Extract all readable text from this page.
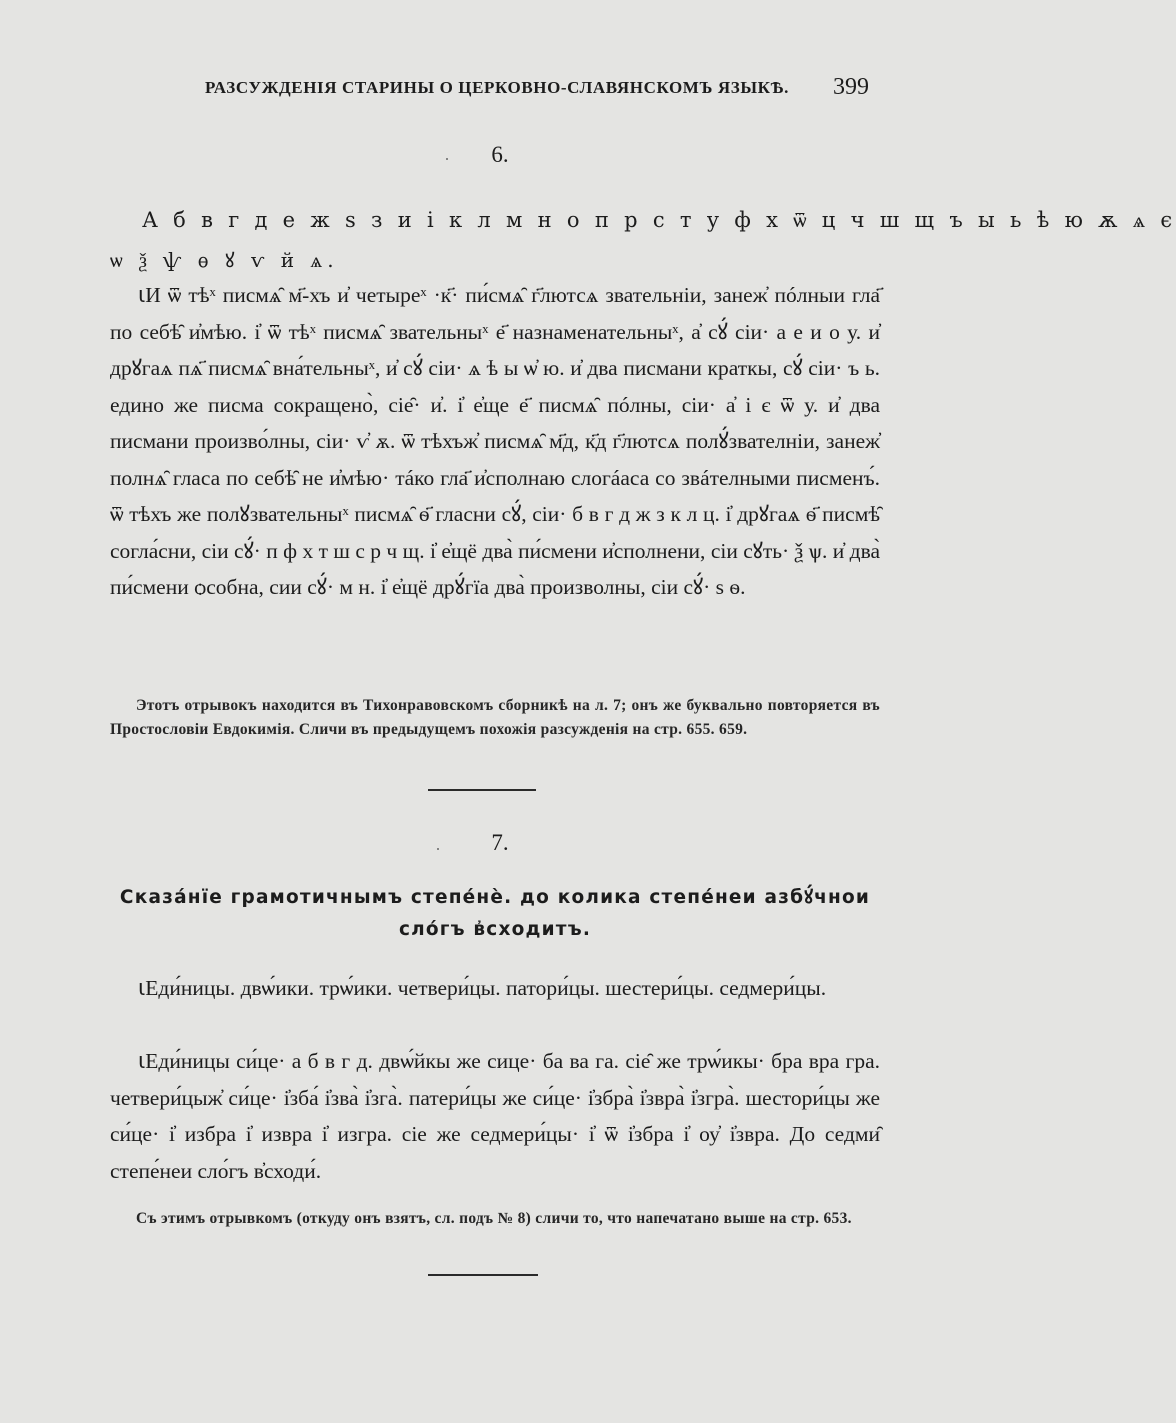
РАЗСУЖДЕНІЯ СТАРИНЫ О ЦЕРКОВНО-СЛАВЯНСКОМЪ ЯЗЫКѢ. 399
6.
А б в г д е ж ѕ з и і к л м н о п р с т у ф х ѿ ц ч ш щ ъ ы ь ѣ ю ѫ ѧ є
ѡ ѯ ѱ ѳ ꙋ ѵ й ѧ.

ꙇИ ѿ тѣˣ писмѧ̑ м҃-хъ и҆ четыреˣ ·к҃· пи́смѧ̑ г҃лютсѧ звательніи, занеж҆ пóлныи гла҃ по себѣ̑ и҆мѣю. і҆ ѿ тѣˣ писмѧ̑ звательныˣ е҃ назнаменательныˣ, а҆ сꙋ́ сіи· а е и о у. и҆ дрꙋгаѧ пѧ҃ писмѧ̑ вна́тельныˣ, и҆ сꙋ́ сіи· ѧ ѣ ы ѡ҆ ю. и҆ два писмани краткы, сꙋ́ сіи· ъ ь. едино же писма сокращено̀, сіе̑· и҆. і҆ е҆ще е҃ писмѧ̑ пóлны, сіи· а҆ і є ѿ у. и҆ два писмани произво́лны, сіи· ѵ҆ ѫ. ѿ тѣхъж҆ писмѧ̑ м҃д, к҃д г҃лютсѧ полꙋ́звателніи, занеж҆ полнѧ̑ гласа по себѣ̑ не и҆мѣю· тáко гла҃ и҆сполнаю слогáаса со звáтелными писменъ́. ѿ тѣхъ же полꙋзвательныˣ писмѧ̑ ѳ҃ гласни сꙋ́, сіи· б в г д ж з к л ц. і҆ дрꙋгаѧ ѳ҃ писмѣ̑ согла́сни, сіи сꙋ́· п ф х т ш с р ч щ. і҆ е҆щё два̀ пи́смени и҆сполнени, сіи сꙋть· ѯ ѱ. и҆ два̀ пи́смени ѻсобна, сии сꙋ́· м н. і҆ е҆щё дрꙋ́гїа два̀ произволны, сіи сꙋ́· ѕ ѳ.

Этотъ отрывокъ находится въ Тихонравовскомъ сборникѣ на л. 7; онъ же буквально повторяется въ Простословіи Евдокимія. Сличи въ предыдущемъ похожія разсужденія на стр. 655. 659.

7.
Сказа́нїе грамотичнымъ степе́нѐ. до колика степе́неи азбꙋ́чнои сло́гъ в҆сходитъ.

ꙇЕди́ницы. двѡ́ики. трѡ́ики. четвери́цы. патори́цы. шестери́цы. седмери́цы.

ꙇЕди́ницы си́це· а б в г д. двѡ́йкы же сице· ба ва га. сіе̑ же трѡ́икы· бра вра гра. четвери́цыж҆ си́це· і҆зба́ і҆зва̀ і҆зга̀. патери́цы же си́це· і҆збра̀ і҆звра̀ і҆згра̀. шестори́цы же си́це· і҆ избра і҆ изврa і҆ изгра. сіе же седмери́цы· і҆ ѿ і҆збра і҆ оу҆ і҆звра. До седми̑ степе́неи сло́гъ в҆сходи́.

Съ этимъ отрывкомъ (откуду онъ взятъ, сл. подъ № 8) сличи то, что напечатано выше на стр. 653.
